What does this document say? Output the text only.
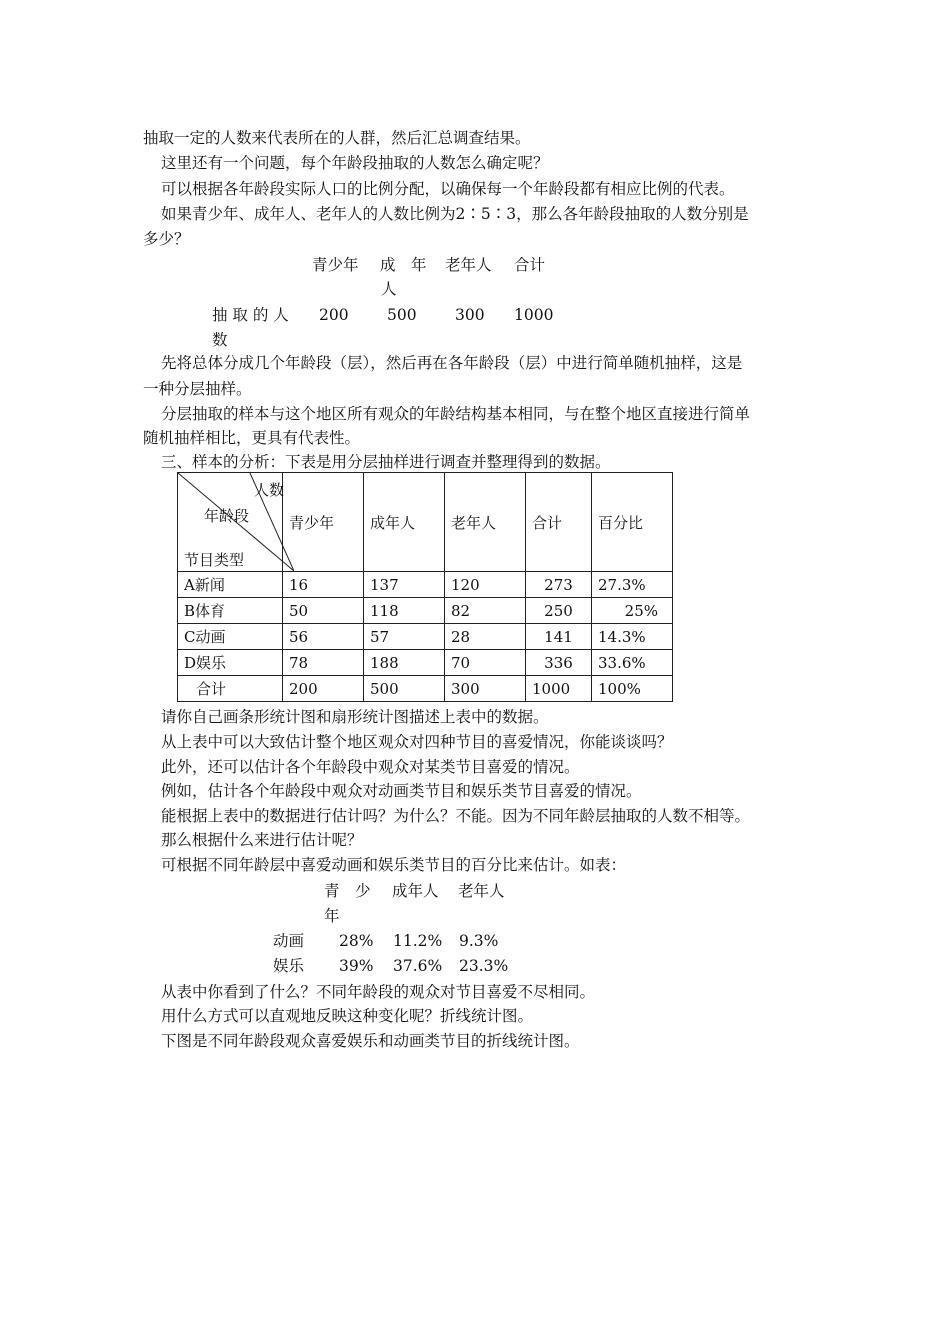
抽取一定的人数来代表所在的人群，然后汇总调查结果。
这里还有一个问题，每个年龄段抽取的人数怎么确定呢？
可以根据各年龄段实际人口的比例分配，以确保每一个年龄段都有相应比例的代表。
如果青少年、成年人、老年人的人数比例为2∶5∶3，那么各年龄段抽取的人数分别是
多少？
青少年 成　年 老年人 合计
人
抽 取 的 人 200 500 300 1000
数
先将总体分成几个年龄段（层），然后再在各年龄段（层）中进行简单随机抽样，这是
一种分层抽样。
分层抽取的样本与这个地区所有观众的年龄结构基本相同，与在整个地区直接进行简单
随机抽样相比，更具有代表性。
三、样本的分析：下表是用分层抽样进行调查并整理得到的数据。
人数
年龄段
节目类型	青少年	成年人	老年人	合计	百分比
A新闻	16	137	120	273	27.3%
B体育	50	118	82	250	25%
C动画	56	57	28	141	14.3%
D娱乐	78	188	70	336	33.6%
合计	200	500	300	1000	100%
请你自己画条形统计图和扇形统计图描述上表中的数据。
从上表中可以大致估计整个地区观众对四种节目的喜爱情况，你能谈谈吗？
此外，还可以估计各个年龄段中观众对某类节目喜爱的情况。
例如，估计各个年龄段中观众对动画类节目和娱乐类节目喜爱的情况。
能根据上表中的数据进行估计吗？为什么？不能。因为不同年龄层抽取的人数不相等。
那么根据什么来进行估计呢？
可根据不同年龄层中喜爱动画和娱乐类节目的百分比来估计。如表：
青　少 成年人 老年人
年
动画 28% 11.2% 9.3%
娱乐 39% 37.6% 23.3%
从表中你看到了什么？不同年龄段的观众对节目喜爱不尽相同。
用什么方式可以直观地反映这种变化呢？折线统计图。
下图是不同年龄段观众喜爱娱乐和动画类节目的折线统计图。
